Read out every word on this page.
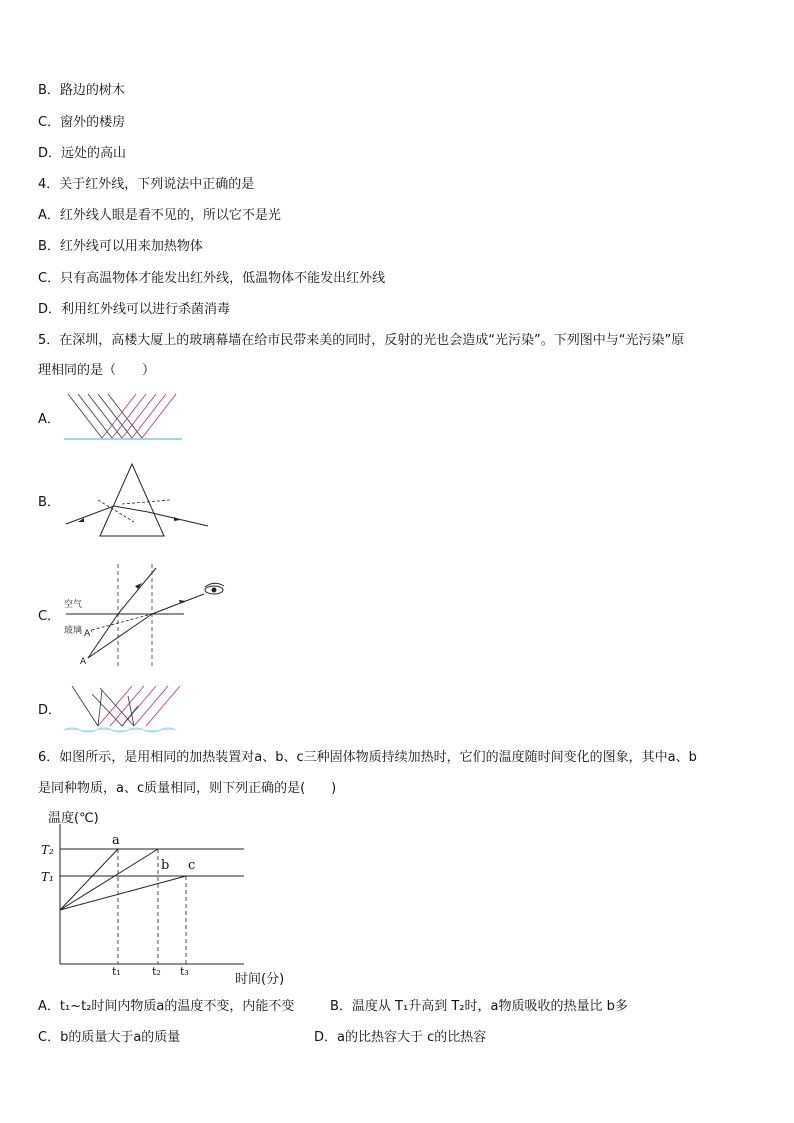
B．路边的树木
C．窗外的楼房
D．远处的高山
4．关于红外线，下列说法中正确的是
A．红外线人眼是看不见的，所以它不是光
B．红外线可以用来加热物体
C．只有高温物体才能发出红外线，低温物体不能发出红外线
D．利用红外线可以进行杀菌消毒
5．在深圳，高楼大厦上的玻璃幕墙在给市民带来美的同时，反射的光也会造成“光污染”。下列图中与“光污染”原
理相同的是（　　）
A．
B．
C．
空气
玻璃
A
A'
D．
6．如图所示，是用相同的加热装置对a、b、c三种固体物质持续加热时，它们的温度随时间变化的图象，其中a、b
是同种物质，a、c质量相同，则下列正确的是(　　)
温度(℃)
时间(分)
T₂
T₁
a
b c
t₁	t₂ t₃
A．t₁~t₂时间内物质a的温度不变，内能不变	B．温度从 T₁升高到 T₂时，a物质吸收的热量比 b多
C．b的质量大于a的质量	D．a的比热容大于 c的比热容
